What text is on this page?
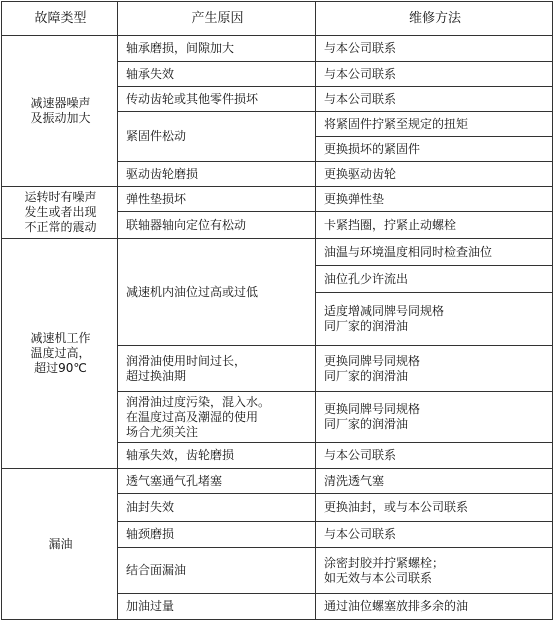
故障类型	产生原因	维修方法

减速器噪声
及振动加大	轴承磨损，间隙加大	与本公司联系
	轴承失效	与本公司联系
	传动齿轮或其他零件损坏	与本公司联系
	紧固件松动	将紧固件拧紧至规定的扭矩
		更换损坏的紧固件
	驱动齿轮磨损	更换驱动齿轮

运转时有噪声
发生或者出现
不正常的震动	弹性垫损坏	更换弹性垫
	联轴器轴向定位有松动	卡紧挡圈，拧紧止动螺栓

减速机工作
温度过高，
超过90℃	减速机内油位过高或过低	油温与环境温度相同时检查油位
		油位孔少许流出

		适度增减同牌号同规格
同厂家的润滑油

	润滑油使用时间过长，
超过换油期	更换同牌号同规格
同厂家的润滑油

	润滑油过度污染，混入水。
在温度过高及潮湿的使用
场合尤须关注	更换同牌号同规格
同厂家的润滑油

	轴承失效，齿轮磨损	与本公司联系

漏油	透气塞通气孔堵塞	清洗透气塞
	油封失效	更换油封，或与本公司联系
	轴颈磨损	与本公司联系
	结合面漏油	涂密封胶并拧紧螺栓；
如无效与本公司联系

	加油过量	通过油位螺塞放排多余的油
